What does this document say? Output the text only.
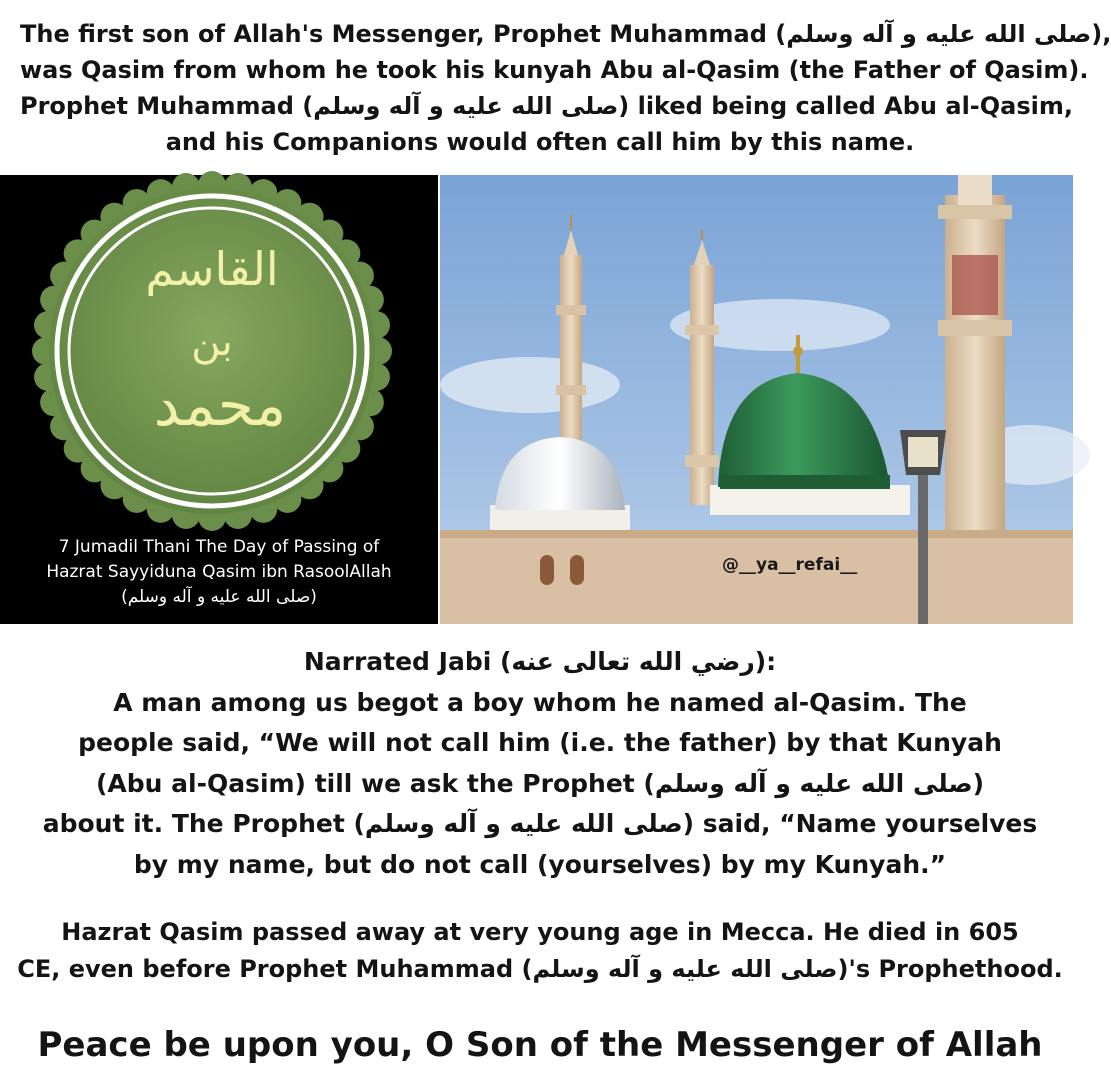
The first son of Allah's Messenger, Prophet Muhammad (صلى الله عليه و آله وسلم),
was Qasim from whom he took his kunyah Abu al-Qasim (the Father of Qasim).
Prophet Muhammad (صلى الله عليه و آله وسلم) liked being called Abu al-Qasim,
and his Companions would often call him by this name.
القاسم
بن
محمد
7 Jumadil Thani The Day of Passing of
Hazrat Sayyiduna Qasim ibn RasoolAllah
(صلى الله عليه و آله وسلم)
@__ya__refai__
Narrated Jabi (رضي الله تعالى عنه):
A man among us begot a boy whom he named al-Qasim. The
people said, “We will not call him (i.e. the father) by that Kunyah
(Abu al-Qasim) till we ask the Prophet (صلى الله عليه و آله وسلم)
about it. The Prophet (صلى الله عليه و آله وسلم) said, “Name yourselves
by my name, but do not call (yourselves) by my Kunyah.”
Hazrat Qasim passed away at very young age in Mecca. He died in 605
CE, even before Prophet Muhammad (صلى الله عليه و آله وسلم)'s Prophethood.
Peace be upon you, O Son of the Messenger of Allah
